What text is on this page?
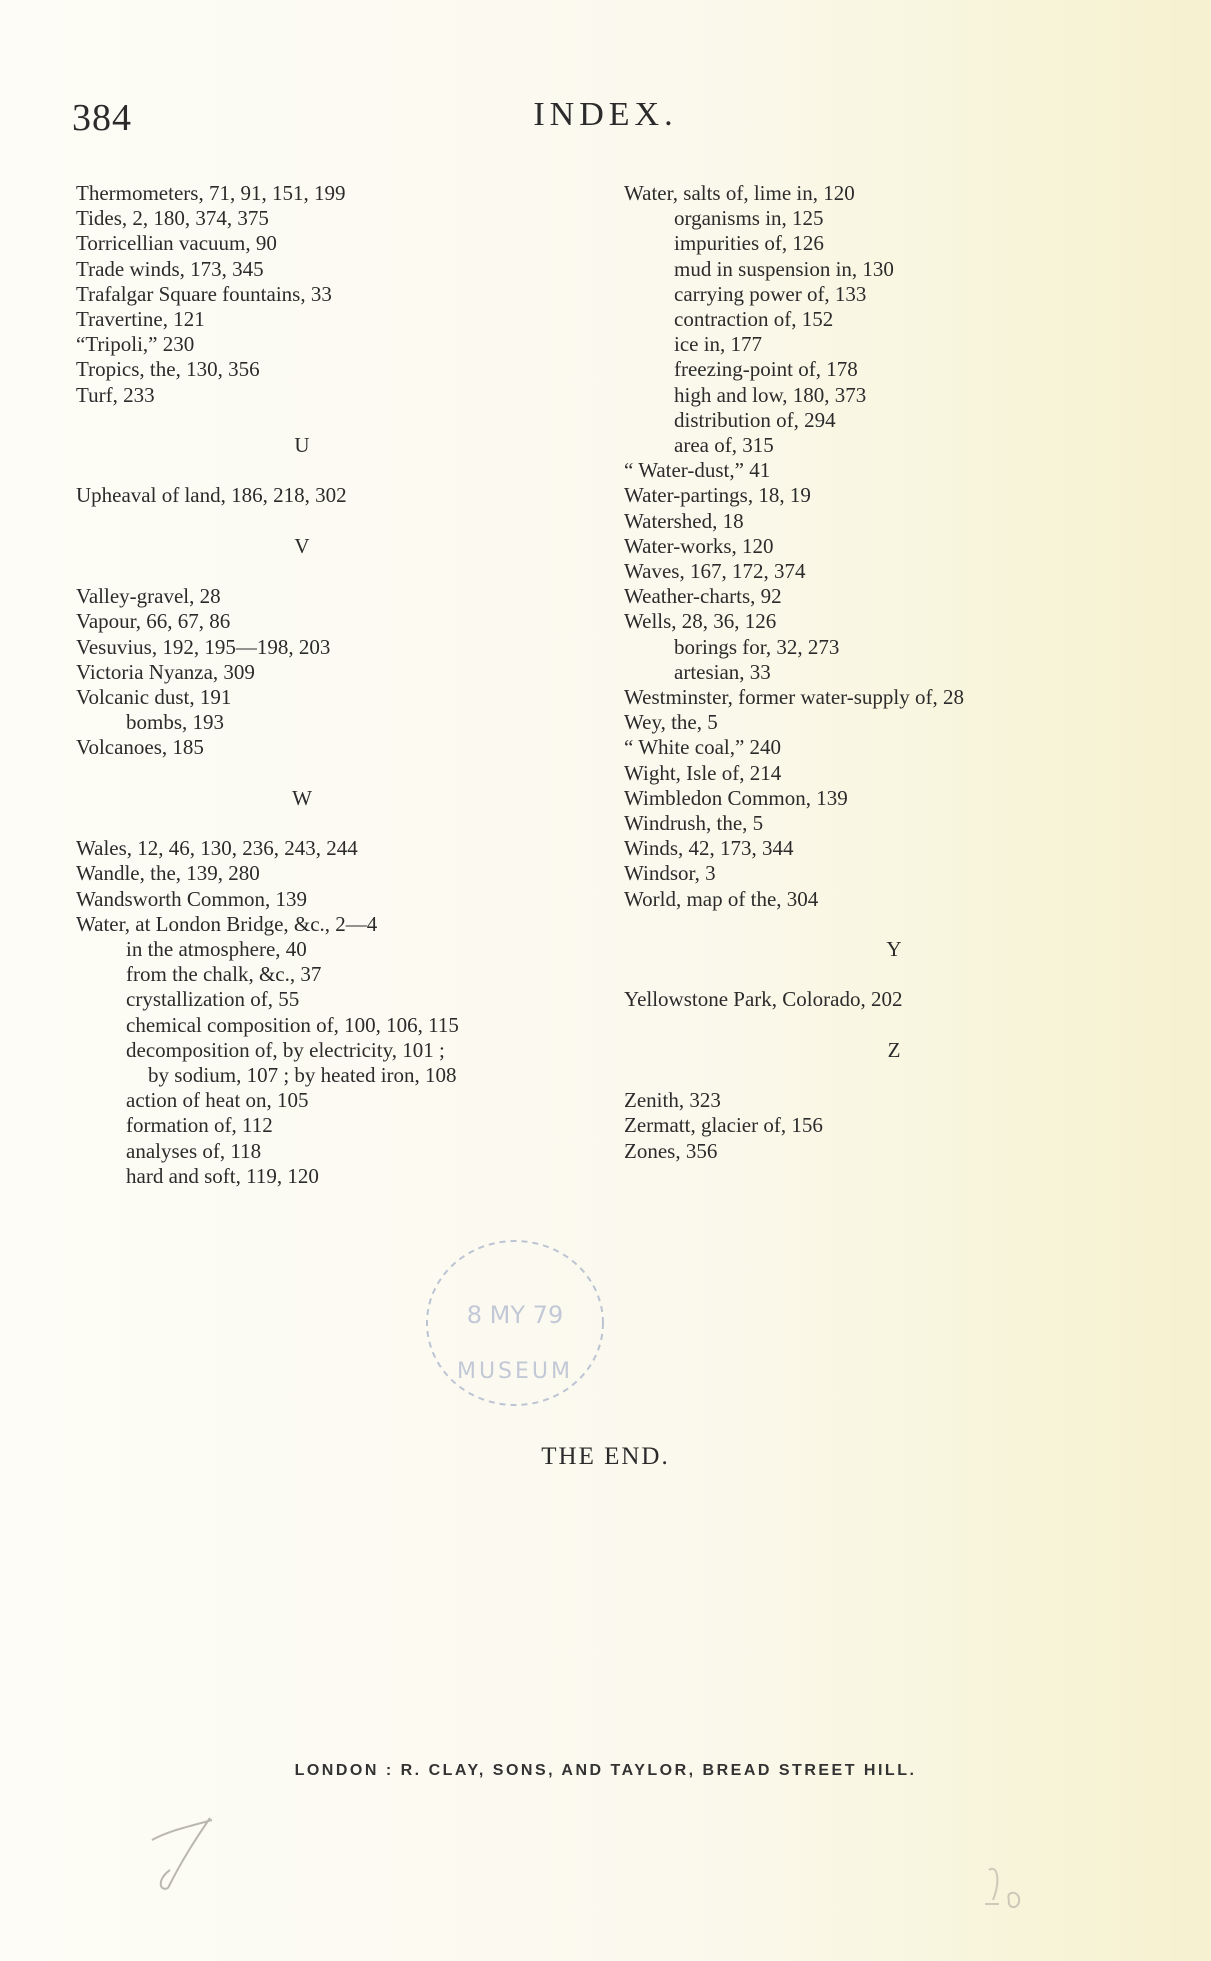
384	INDEX.
Thermometers, 71, 91, 151, 199
Tides, 2, 180, 374, 375
Torricellian vacuum, 90
Trade winds, 173, 345
Trafalgar Square fountains, 33
Travertine, 121
“Tripoli,” 230
Tropics, the, 130, 356
Turf, 233
U
Upheaval of land, 186, 218, 302
V
Valley-gravel, 28
Vapour, 66, 67, 86
Vesuvius, 192, 195—198, 203
Victoria Nyanza, 309
Volcanic dust, 191
bombs, 193
Volcanoes, 185
W
Wales, 12, 46, 130, 236, 243, 244
Wandle, the, 139, 280
Wandsworth Common, 139
Water, at London Bridge, &c., 2—4
in the atmosphere, 40
from the chalk, &c., 37
crystallization of, 55
chemical composition of, 100, 106, 115
decomposition of, by electricity, 101 ;
by sodium, 107 ; by heated iron, 108
action of heat on, 105
formation of, 112
analyses of, 118
hard and soft, 119, 120
Water, salts of, lime in, 120
organisms in, 125
impurities of, 126
mud in suspension in, 130
carrying power of, 133
contraction of, 152
ice in, 177
freezing-point of, 178
high and low, 180, 373
distribution of, 294
area of, 315
“ Water-dust,” 41
Water-partings, 18, 19
Watershed, 18
Water-works, 120
Waves, 167, 172, 374
Weather-charts, 92
Wells, 28, 36, 126
borings for, 32, 273
artesian, 33
Westminster, former water-supply of, 28
Wey, the, 5
“ White coal,” 240
Wight, Isle of, 214
Wimbledon Common, 139
Windrush, the, 5
Winds, 42, 173, 344
Windsor, 3
World, map of the, 304
Y
Yellowstone Park, Colorado, 202
Z
Zenith, 323
Zermatt, glacier of, 156
Zones, 356
8 MY 79
MUSEUM
THE END.
LONDON : R. CLAY, SONS, AND TAYLOR, BREAD STREET HILL.
